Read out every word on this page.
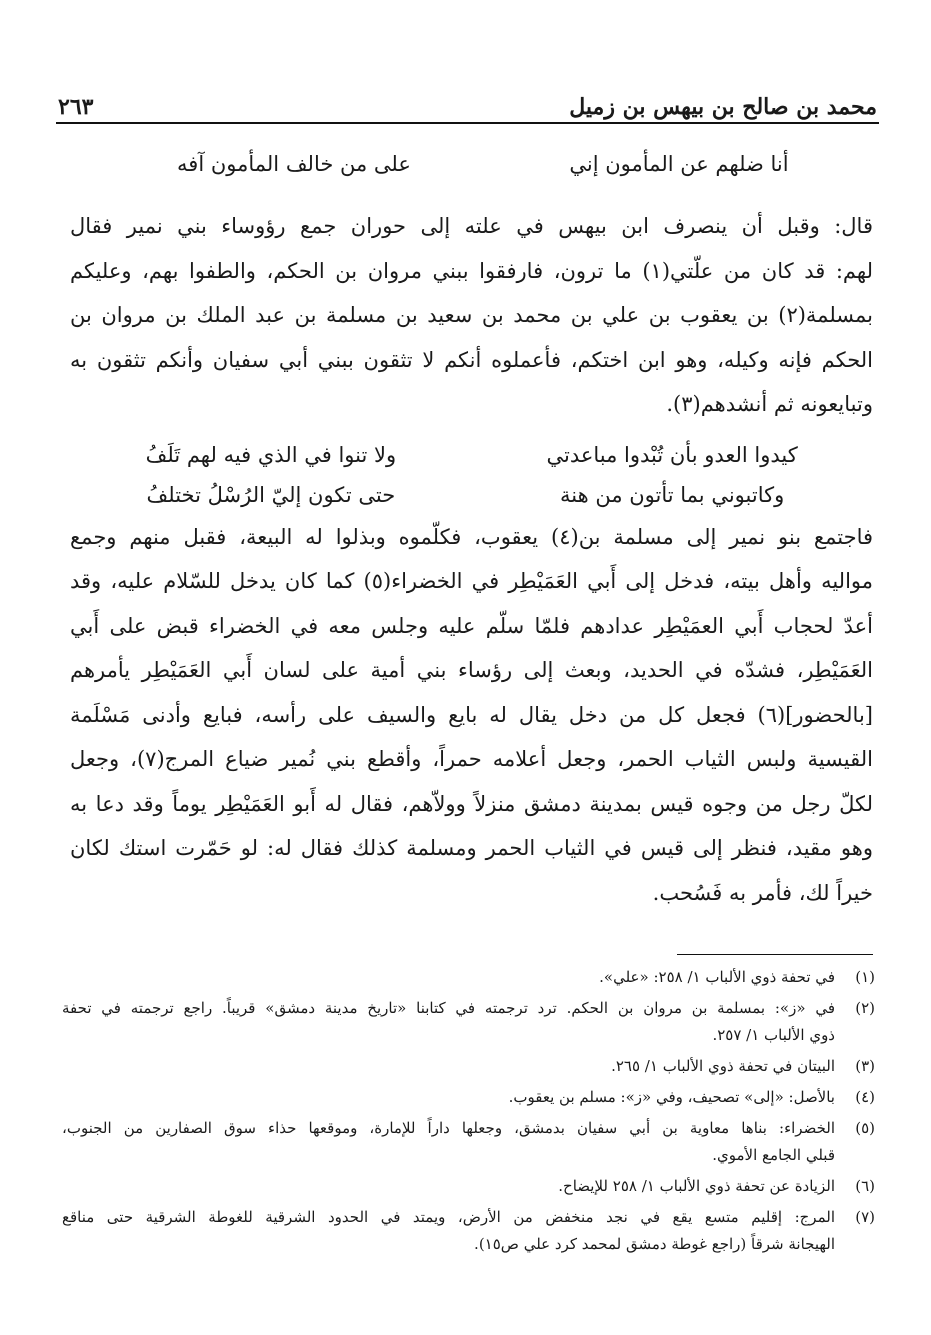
محمد بن صالح بن بيهس بن زميل
٢٦٣
أنا ضلهم عن المأمون إني
على من خالف المأمون آفه
قال: وقبل أن ينصرف ابن بيهس في علته إلى حوران جمع رؤوساء بني نمير فقال
لهم: قد كان من علّتي(١) ما ترون، فارفقوا ببني مروان بن الحكم، والطفوا بهم، وعليكم
بمسلمة(٢) بن يعقوب بن علي بن محمد بن سعيد بن مسلمة بن عبد الملك بن مروان بن
الحكم فإنه وكيله، وهو ابن اختكم، فأعملوه أنكم لا تثقون ببني أبي سفيان وأنكم تثقون به
وتبايعونه ثم أنشدهم(٣).
كيدوا العدو بأن تُبْدوا مباعدتي
ولا تنوا في الذي فيه لهم تَلَفُ
وكاتبوني بما تأتون من هنة
حتى تكون إليّ الرُسْلُ تختلفُ
فاجتمع بنو نمير إلى مسلمة بن(٤) يعقوب، فكلّموه وبذلوا له البيعة، فقبل منهم وجمع
مواليه وأهل بيته، فدخل إلى أَبي العَمَيْطِر في الخضراء(٥) كما كان يدخل للسّلام عليه، وقد
أعدّ لحجاب أَبي العمَيْطِر عدادهم فلمّا سلّم عليه وجلس معه في الخضراء قبض على أَبي
العَمَيْطِر، فشدّه في الحديد، وبعث إلى رؤساء بني أمية على لسان أَبي العَمَيْطِر يأمرهم
[بالحضور](٦) فجعل كل من دخل يقال له بايع والسيف على رأسه، فبايع وأدنى مَسْلَمة
القيسية ولبس الثياب الحمر، وجعل أعلامه حمراً، وأقطع بني نُمير ضياع المرج(٧)، وجعل
لكلّ رجل من وجوه قيس بمدينة دمشق منزلاً وولاّهم، فقال له أَبو العَمَيْطِر يوماً وقد دعا به
وهو مقيد، فنظر إلى قيس في الثياب الحمر ومسلمة كذلك فقال له: لو حَمّرت استك لكان
خيراً لك، فأمر به فَسُحب.
(١)
في تحفة ذوي الألباب ١/ ٢٥٨: «علي».
(٢)
في «ز»: بمسلمة بن مروان بن الحكم. ترد ترجمته في كتابنا «تاريخ مدينة دمشق» قريباً. راجع ترجمته في تحفة
ذوي الألباب ١/ ٢٥٧.
(٣)
البيتان في تحفة ذوي الألباب ١/ ٢٦٥.
(٤)
بالأصل: «إلى» تصحيف، وفي «ز»: مسلم بن يعقوب.
(٥)
الخضراء: بناها معاوية بن أبي سفيان بدمشق، وجعلها داراً للإمارة، وموقعها حذاء سوق الصفارين من الجنوب،
قبلي الجامع الأموي.
(٦)
الزيادة عن تحفة ذوي الألباب ١/ ٢٥٨ للإيضاح.
(٧)
المرج: إقليم متسع يقع في نجد منخفض من الأرض، ويمتد في الحدود الشرقية للغوطة الشرقية حتى مناقع
الهيجانة شرقاً (راجع غوطة دمشق لمحمد كرد علي ص١٥).
